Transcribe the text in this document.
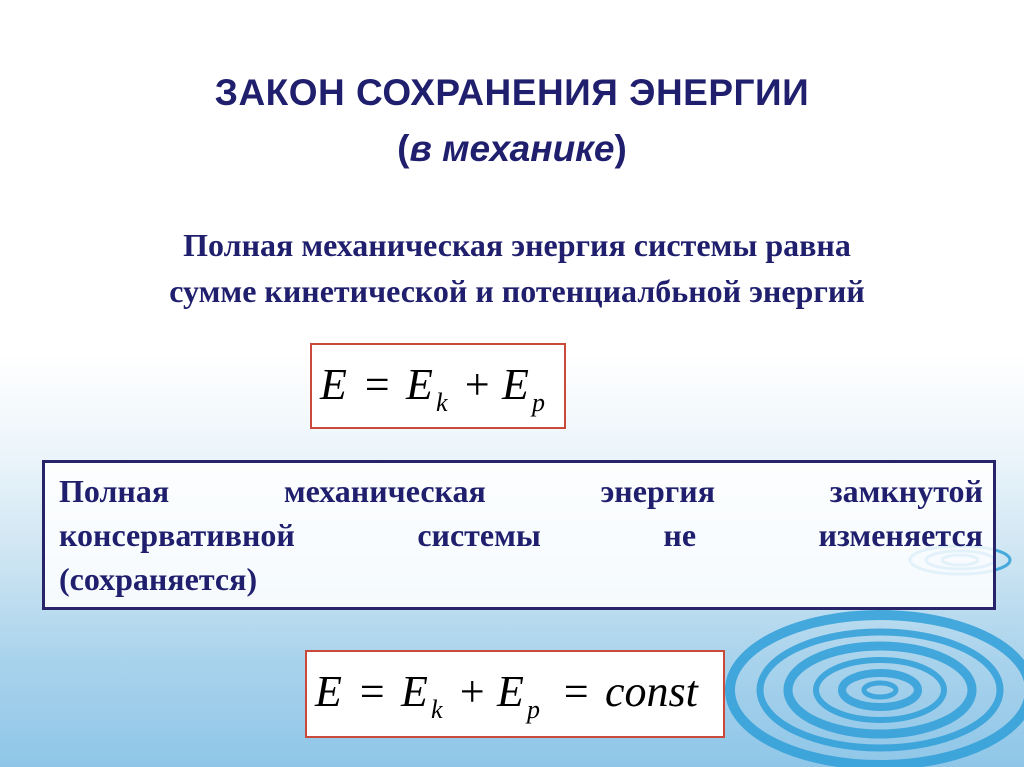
ЗАКОН СОХРАНЕНИЯ ЭНЕРГИИ
(в механике)
Полная механическая энергия системы равна
сумме кинетической и потенциалбьной энергий
E = E k + E p
Полная	механическая	энергия	замкнутой
консервативной	системы	не	изменяется
(сохраняется)
E = E k + E p = const
